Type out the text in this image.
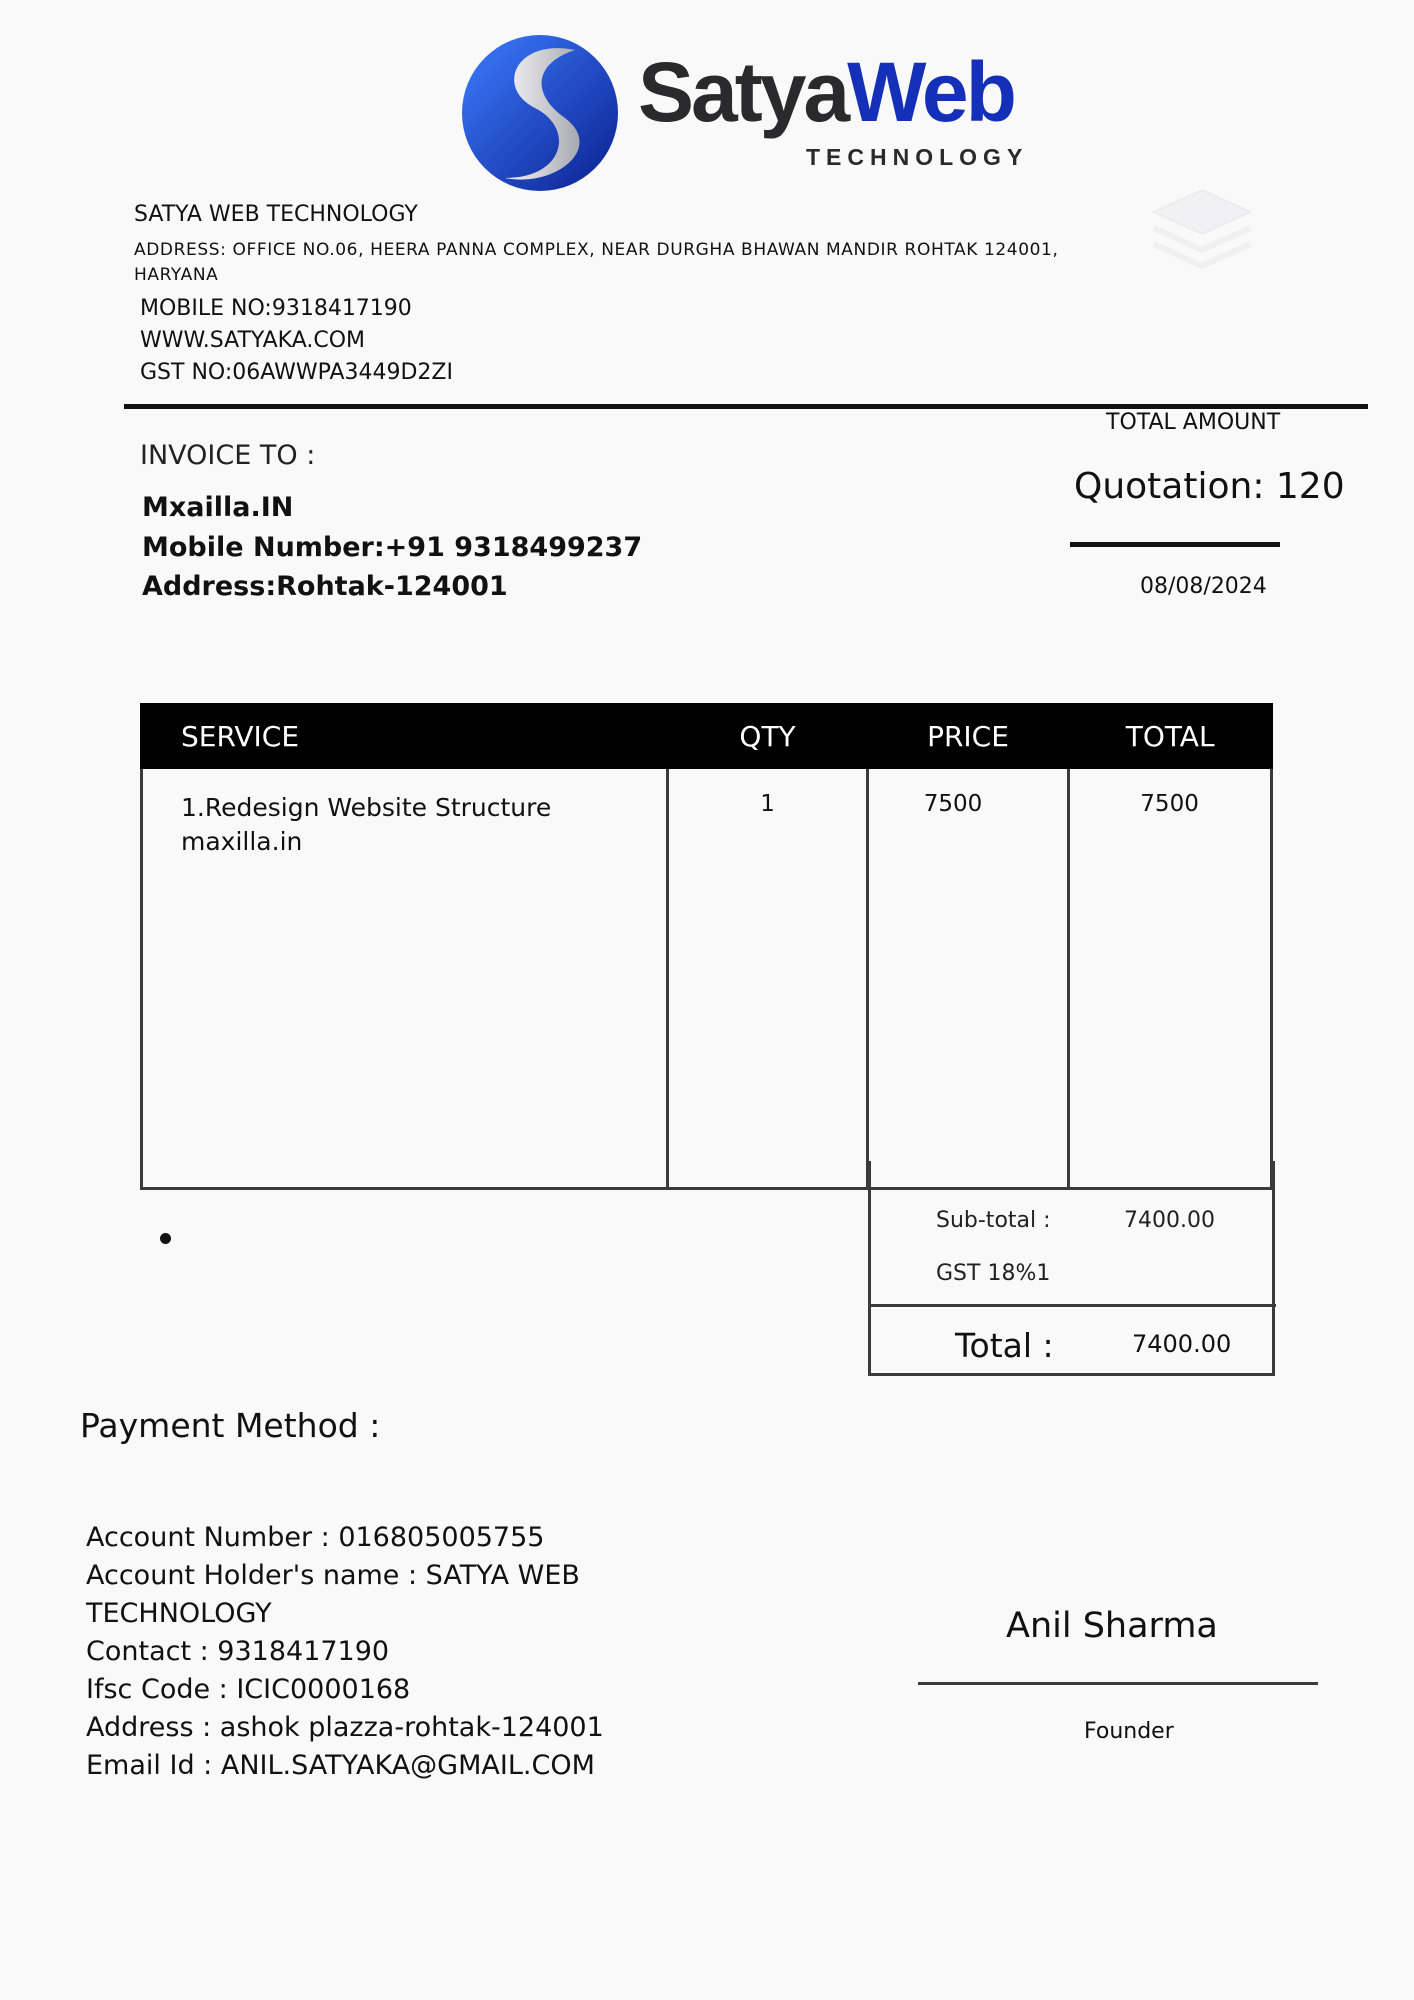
SatyaWeb
TECHNOLOGY
SATYA WEB TECHNOLOGY
ADDRESS: OFFICE NO.06, HEERA PANNA COMPLEX, NEAR DURGHA BHAWAN MANDIR ROHTAK 124001, HARYANA
MOBILE NO:9318417190
WWW.SATYAKA.COM
GST NO:06AWWPA3449D2ZI
INVOICE TO :
Mxailla.IN
Mobile Number:+91 9318499237
Address:Rohtak-124001
TOTAL AMOUNT
Quotation: 120
08/08/2024
SERVICE	QTY	PRICE	TOTAL

1.Redesign Website Structure
maxilla.in	1	7500	7500
Sub-total :	7400.00
GST 18%1
Total :	7400.00
Payment Method :
Account Number : 016805005755
Account Holder's name : SATYA WEB TECHNOLOGY
Contact : 9318417190
Ifsc Code : ICIC0000168
Address : ashok plazza-rohtak-124001
Email Id : ANIL.SATYAKA@GMAIL.COM
Anil Sharma
Founder
